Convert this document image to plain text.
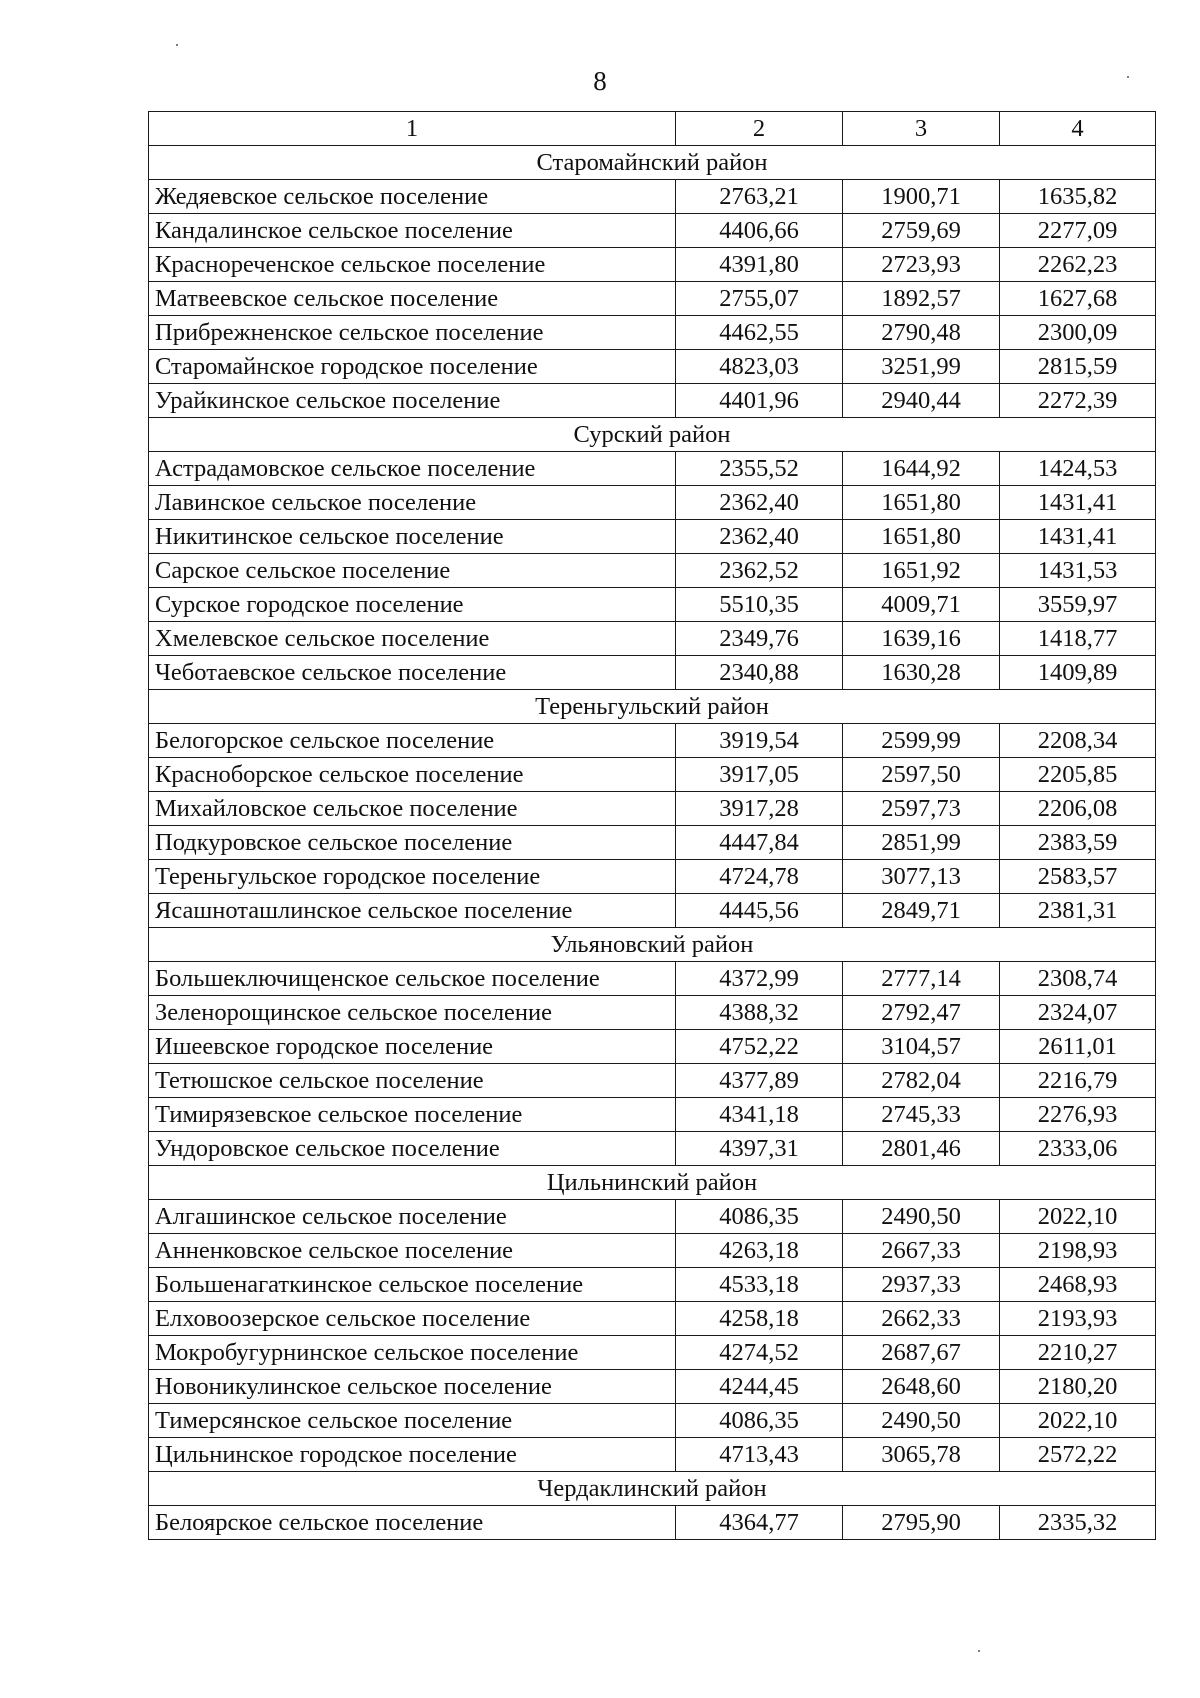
8
1	2	3	4
Старомайнский район			
Жедяевское сельское поселение	2763,21	1900,71	1635,82
Кандалинское сельское поселение	4406,66	2759,69	2277,09
Краснореченское сельское поселение	4391,80	2723,93	2262,23
Матвеевское сельское поселение	2755,07	1892,57	1627,68
Прибрежненское сельское поселение	4462,55	2790,48	2300,09
Старомайнское городское поселение	4823,03	3251,99	2815,59
Урайкинское сельское поселение	4401,96	2940,44	2272,39
Сурский район			
Астрадамовское сельское поселение	2355,52	1644,92	1424,53
Лавинское сельское поселение	2362,40	1651,80	1431,41
Никитинское сельское поселение	2362,40	1651,80	1431,41
Сарское сельское поселение	2362,52	1651,92	1431,53
Сурское городское поселение	5510,35	4009,71	3559,97
Хмелевское сельское поселение	2349,76	1639,16	1418,77
Чеботаевское сельское поселение	2340,88	1630,28	1409,89
Тереньгульский район			
Белогорское сельское поселение	3919,54	2599,99	2208,34
Красноборское сельское поселение	3917,05	2597,50	2205,85
Михайловское сельское поселение	3917,28	2597,73	2206,08
Подкуровское сельское поселение	4447,84	2851,99	2383,59
Тереньгульское городское поселение	4724,78	3077,13	2583,57
Ясашноташлинское сельское поселение	4445,56	2849,71	2381,31
Ульяновский район			
Большеключищенское сельское поселение	4372,99	2777,14	2308,74
Зеленорощинское сельское поселение	4388,32	2792,47	2324,07
Ишеевское городское поселение	4752,22	3104,57	2611,01
Тетюшское сельское поселение	4377,89	2782,04	2216,79
Тимирязевское сельское поселение	4341,18	2745,33	2276,93
Ундоровское сельское поселение	4397,31	2801,46	2333,06
Цильнинский район			
Алгашинское сельское поселение	4086,35	2490,50	2022,10
Анненковское сельское поселение	4263,18	2667,33	2198,93
Большенагаткинское сельское поселение	4533,18	2937,33	2468,93
Елховоозерское сельское поселение	4258,18	2662,33	2193,93
Мокробугурнинское сельское поселение	4274,52	2687,67	2210,27
Новоникулинское сельское поселение	4244,45	2648,60	2180,20
Тимерсянское сельское поселение	4086,35	2490,50	2022,10
Цильнинское городское поселение	4713,43	3065,78	2572,22
Чердаклинский район			
Белоярское сельское поселение	4364,77	2795,90	2335,32
